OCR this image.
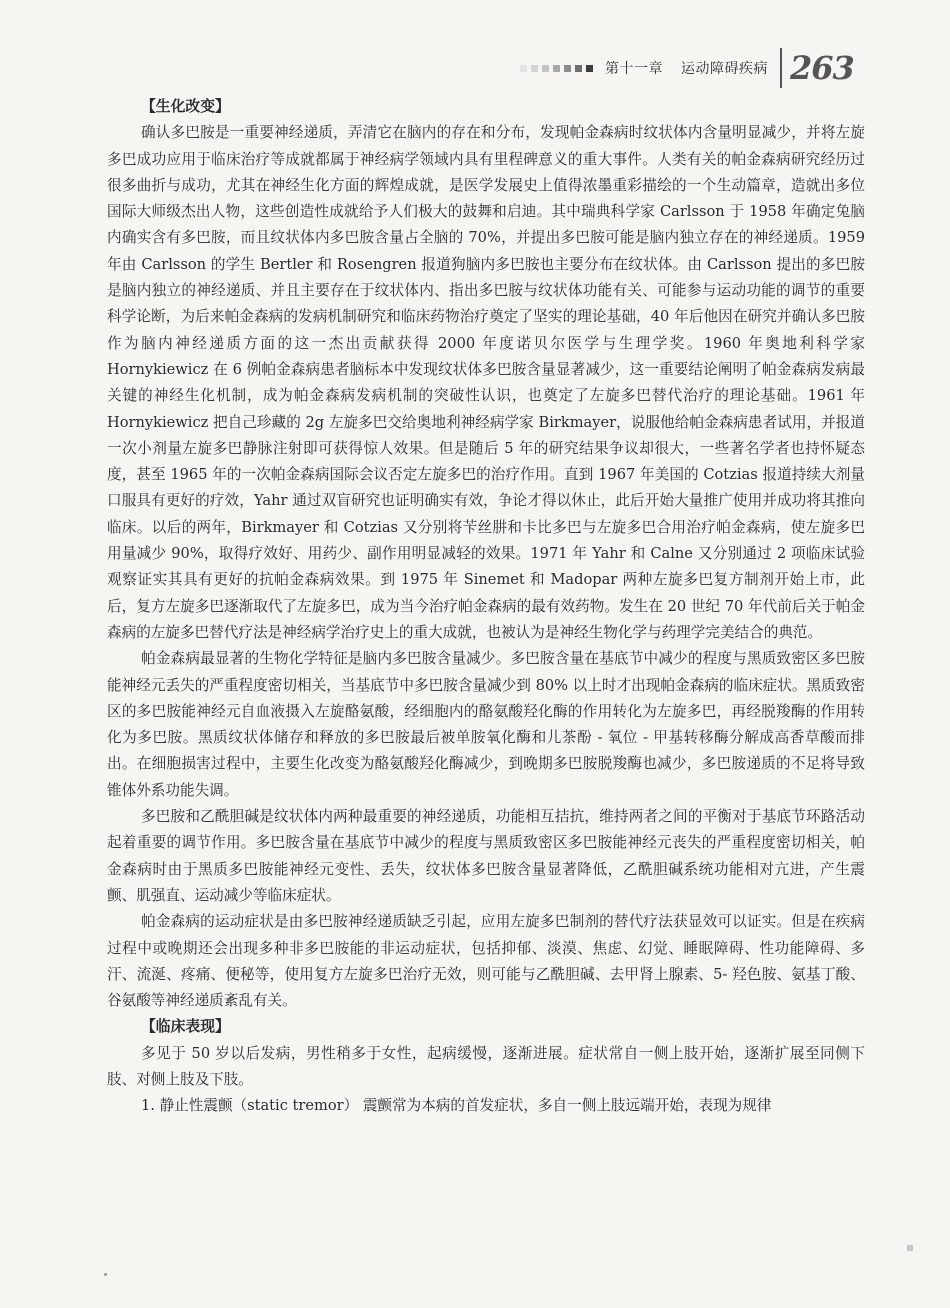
第十一章 运动障碍疾病 263
【生化改变】

确认多巴胺是一重要神经递质，弄清它在脑内的存在和分布，发现帕金森病时纹状体内含量明显减少，并将左旋多巴成功应用于临床治疗等成就都属于神经病学领域内具有里程碑意义的重大事件。人类有关的帕金森病研究经历过很多曲折与成功，尤其在神经生化方面的辉煌成就，是医学发展史上值得浓墨重彩描绘的一个生动篇章，造就出多位国际大师级杰出人物，这些创造性成就给予人们极大的鼓舞和启迪。其中瑞典科学家 Carlsson 于 1958 年确定兔脑内确实含有多巴胺，而且纹状体内多巴胺含量占全脑的 70%，并提出多巴胺可能是脑内独立存在的神经递质。1959 年由 Carlsson 的学生 Bertler 和 Rosengren 报道狗脑内多巴胺也主要分布在纹状体。由 Carlsson 提出的多巴胺是脑内独立的神经递质、并且主要存在于纹状体内、指出多巴胺与纹状体功能有关、可能参与运动功能的调节的重要科学论断，为后来帕金森病的发病机制研究和临床药物治疗奠定了坚实的理论基础，40 年后他因在研究并确认多巴胺作为脑内神经递质方面的这一杰出贡献获得 2000 年度诺贝尔医学与生理学奖。1960 年奥地利科学家 Hornykiewicz 在 6 例帕金森病患者脑标本中发现纹状体多巴胺含量显著减少，这一重要结论阐明了帕金森病发病最关键的神经生化机制，成为帕金森病发病机制的突破性认识，也奠定了左旋多巴替代治疗的理论基础。1961 年 Hornykiewicz 把自己珍藏的 2g 左旋多巴交给奥地利神经病学家 Birkmayer，说服他给帕金森病患者试用，并报道一次小剂量左旋多巴静脉注射即可获得惊人效果。但是随后 5 年的研究结果争议却很大，一些著名学者也持怀疑态度，甚至 1965 年的一次帕金森病国际会议否定左旋多巴的治疗作用。直到 1967 年美国的 Cotzias 报道持续大剂量口服具有更好的疗效，Yahr 通过双盲研究也证明确实有效，争论才得以休止，此后开始大量推广使用并成功将其推向临床。以后的两年，Birkmayer 和 Cotzias 又分别将苄丝肼和卡比多巴与左旋多巴合用治疗帕金森病，使左旋多巴用量减少 90%，取得疗效好、用药少、副作用明显减轻的效果。1971 年 Yahr 和 Calne 又分别通过 2 项临床试验观察证实其具有更好的抗帕金森病效果。到 1975 年 Sinemet 和 Madopar 两种左旋多巴复方制剂开始上市，此后，复方左旋多巴逐渐取代了左旋多巴，成为当今治疗帕金森病的最有效药物。发生在 20 世纪 70 年代前后关于帕金森病的左旋多巴替代疗法是神经病学治疗史上的重大成就，也被认为是神经生物化学与药理学完美结合的典范。

帕金森病最显著的生物化学特征是脑内多巴胺含量减少。多巴胺含量在基底节中减少的程度与黑质致密区多巴胺能神经元丢失的严重程度密切相关，当基底节中多巴胺含量减少到 80% 以上时才出现帕金森病的临床症状。黑质致密区的多巴胺能神经元自血液摄入左旋酪氨酸，经细胞内的酪氨酸羟化酶的作用转化为左旋多巴，再经脱羧酶的作用转化为多巴胺。黑质纹状体储存和释放的多巴胺最后被单胺氧化酶和儿茶酚 - 氧位 - 甲基转移酶分解成高香草酸而排出。在细胞损害过程中，主要生化改变为酪氨酸羟化酶减少，到晚期多巴胺脱羧酶也减少，多巴胺递质的不足将导致锥体外系功能失调。

多巴胺和乙酰胆碱是纹状体内两种最重要的神经递质，功能相互拮抗，维持两者之间的平衡对于基底节环路活动起着重要的调节作用。多巴胺含量在基底节中减少的程度与黑质致密区多巴胺能神经元丧失的严重程度密切相关，帕金森病时由于黑质多巴胺能神经元变性、丢失，纹状体多巴胺含量显著降低，乙酰胆碱系统功能相对亢进，产生震颤、肌强直、运动减少等临床症状。

帕金森病的运动症状是由多巴胺神经递质缺乏引起，应用左旋多巴制剂的替代疗法获显效可以证实。但是在疾病过程中或晚期还会出现多种非多巴胺能的非运动症状，包括抑郁、淡漠、焦虑、幻觉、睡眠障碍、性功能障碍、多汗、流涎、疼痛、便秘等，使用复方左旋多巴治疗无效，则可能与乙酰胆碱、去甲肾上腺素、5- 羟色胺、氨基丁酸、谷氨酸等神经递质紊乱有关。

【临床表现】

多见于 50 岁以后发病，男性稍多于女性，起病缓慢，逐渐进展。症状常自一侧上肢开始，逐渐扩展至同侧下肢、对侧上肢及下肢。

1. 静止性震颤（static tremor） 震颤常为本病的首发症状，多自一侧上肢远端开始，表现为规律
